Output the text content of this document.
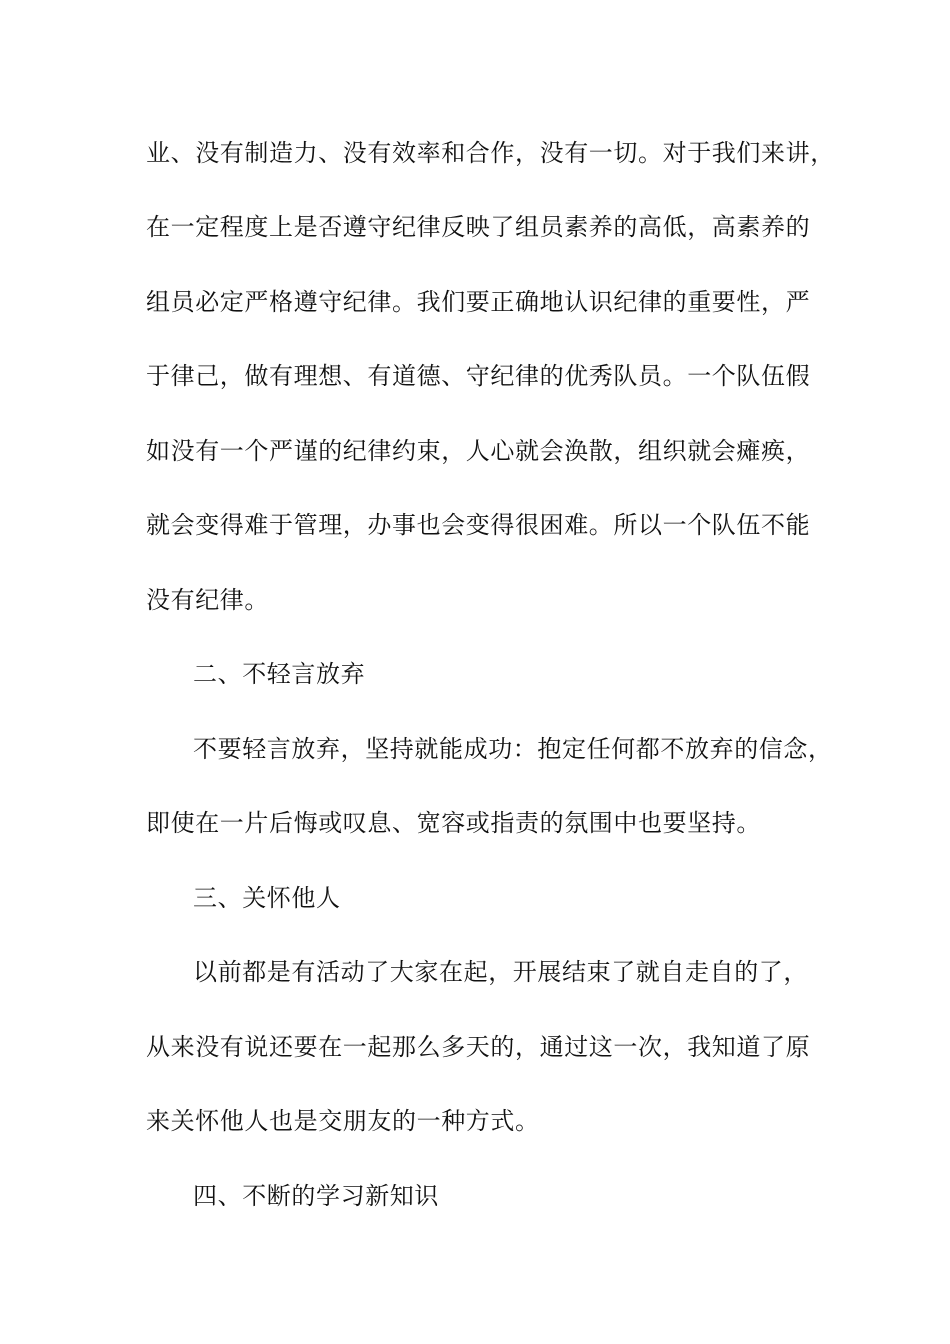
业、没有制造力、没有效率和合作，没有一切。对于我们来讲，
在一定程度上是否遵守纪律反映了组员素养的高低，高素养的
组员必定严格遵守纪律。我们要正确地认识纪律的重要性，严
于律己，做有理想、有道德、守纪律的优秀队员。一个队伍假
如没有一个严谨的纪律约束，人心就会涣散，组织就会瘫痪，
就会变得难于管理，办事也会变得很困难。所以一个队伍不能
没有纪律。
二、不轻言放弃
不要轻言放弃，坚持就能成功：抱定任何都不放弃的信念，
即使在一片后悔或叹息、宽容或指责的氛围中也要坚持。
三、关怀他人
以前都是有活动了大家在起，开展结束了就自走自的了，
从来没有说还要在一起那么多天的，通过这一次，我知道了原
来关怀他人也是交朋友的一种方式。
四、不断的学习新知识
